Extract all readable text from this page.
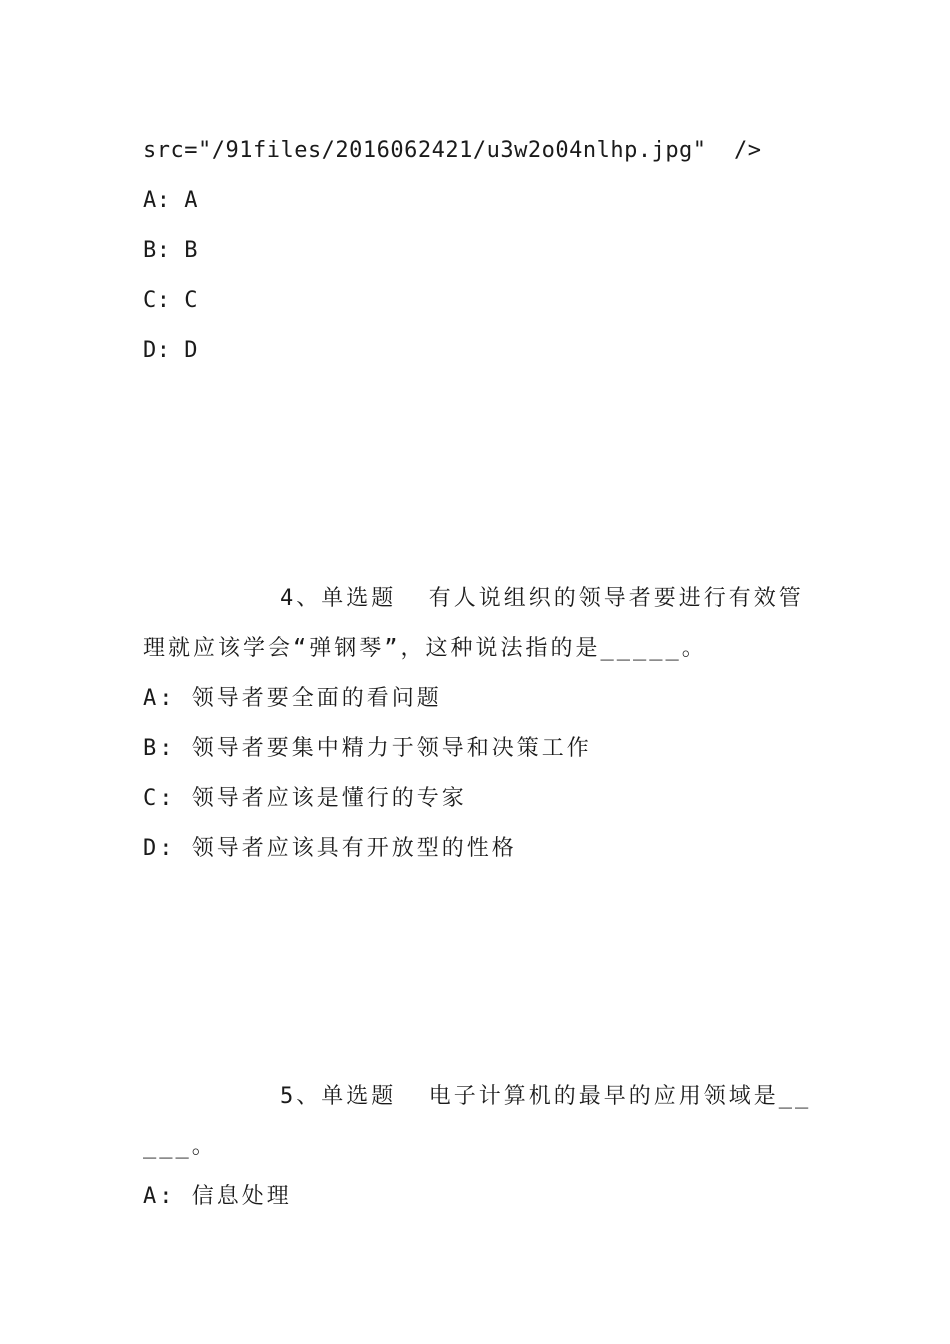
src="/91files/2016062421/u3w2o04nlhp.jpg"  />
A: A
B: B
C: C
D: D
4、单选题  有人说组织的领导者要进行有效管
理就应该学会“弹钢琴”，这种说法指的是_____。
A: 领导者要全面的看问题
B: 领导者要集中精力于领导和决策工作
C: 领导者应该是懂行的专家
D: 领导者应该具有开放型的性格
5、单选题  电子计算机的最早的应用领域是__
___。
A: 信息处理
